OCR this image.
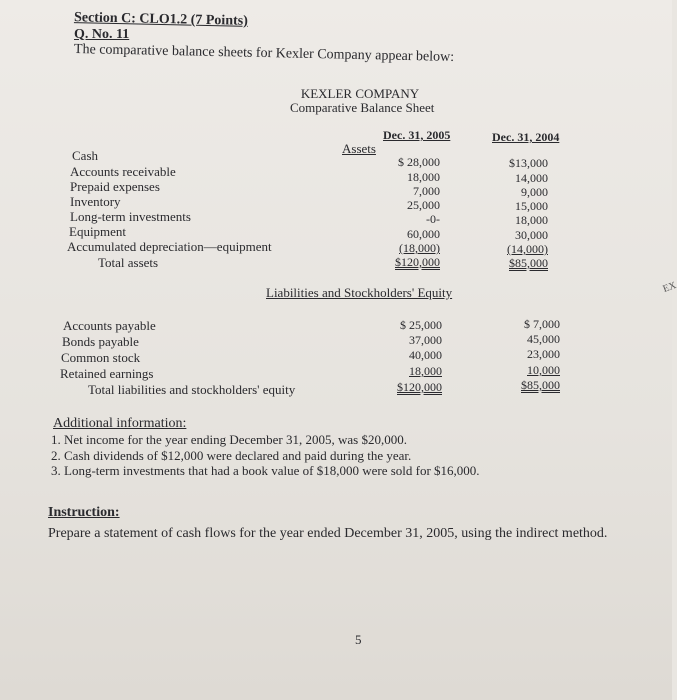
Section C: CLO1.2 (7 Points)
Q. No. 11
The comparative balance sheets for Kexler Company appear below:
KEXLER COMPANY
Comparative Balance Sheet
Dec. 31, 2005	Dec. 31, 2004
Assets
Cash
Accounts receivable
Prepaid expenses
Inventory
Long-term investments
Equipment
Accumulated depreciation—equipment
Total assets
$ 28,000
18,000
7,000
25,000
-0-
60,000
(18,000)
$120,000
$13,000
14,000
9,000
15,000
18,000
30,000
(14,000)
$85,000
Liabilities and Stockholders' Equity
Accounts payable
Bonds payable
Common stock
Retained earnings
Total liabilities and stockholders' equity
$ 25,000
37,000
40,000
18,000
$120,000
$ 7,000
45,000
23,000
10,000
$85,000
Additional information:
1. Net income for the year ending December 31, 2005, was $20,000.
2. Cash dividends of $12,000 were declared and paid during the year.
3. Long-term investments that had a book value of $18,000 were sold for $16,000.
Instruction:
Prepare a statement of cash flows for the year ended December 31, 2005, using the indirect method.
5
EX
